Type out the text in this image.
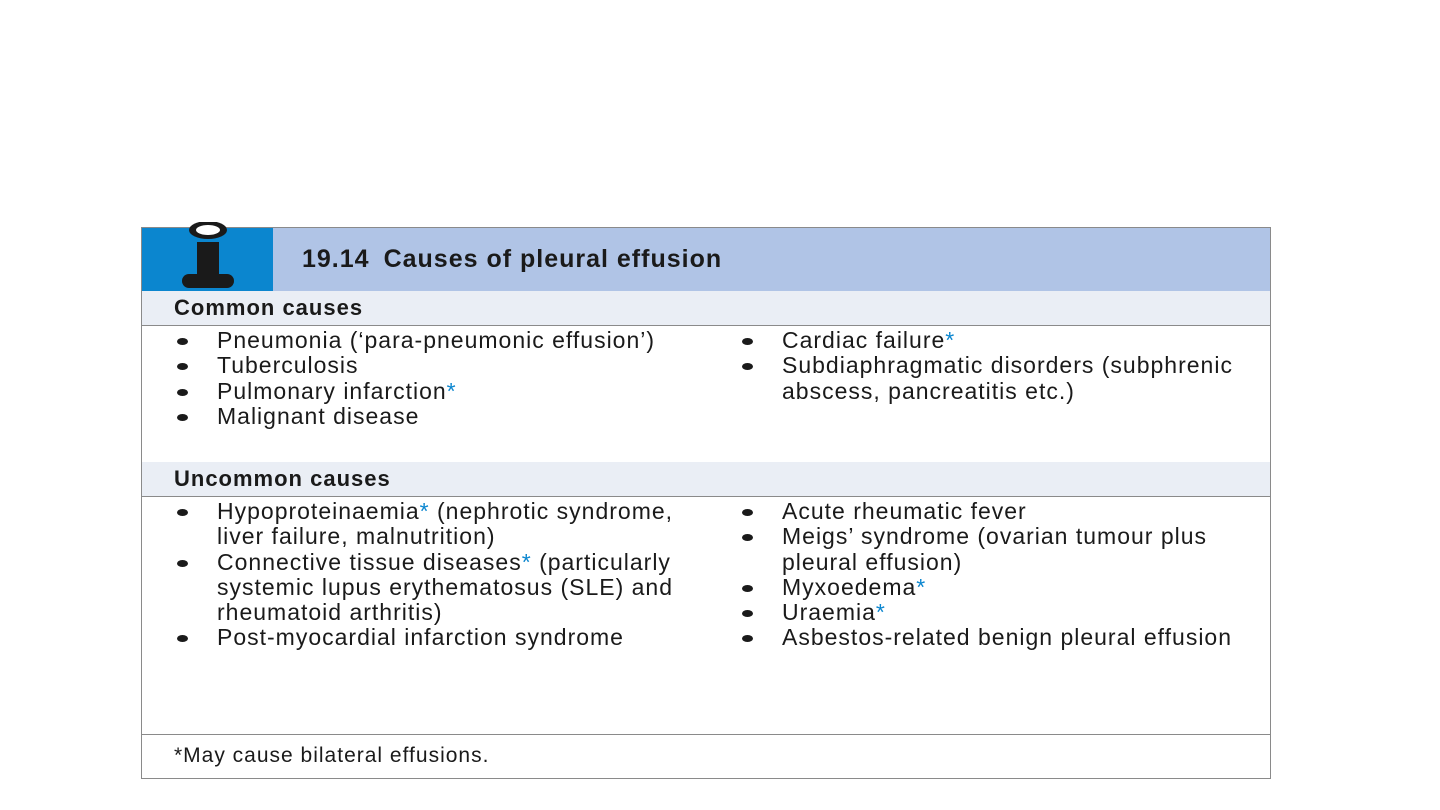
19.14 Causes of pleural effusion
Common causes
Pneumonia (‘para-pneumonic effusion’)
Tuberculosis
Pulmonary infarction*
Malignant disease
Cardiac failure*
Subdiaphragmatic disorders (subphrenic abscess, pancreatitis etc.)
Uncommon causes
Hypoproteinaemia* (nephrotic syndrome, liver failure, malnutrition)
Connective tissue diseases* (particularly systemic lupus erythematosus (SLE) and rheumatoid arthritis)
Post-myocardial infarction syndrome
Acute rheumatic fever
Meigs’ syndrome (ovarian tumour plus pleural effusion)
Myxoedema*
Uraemia*
Asbestos-related benign pleural effusion
*May cause bilateral effusions.
